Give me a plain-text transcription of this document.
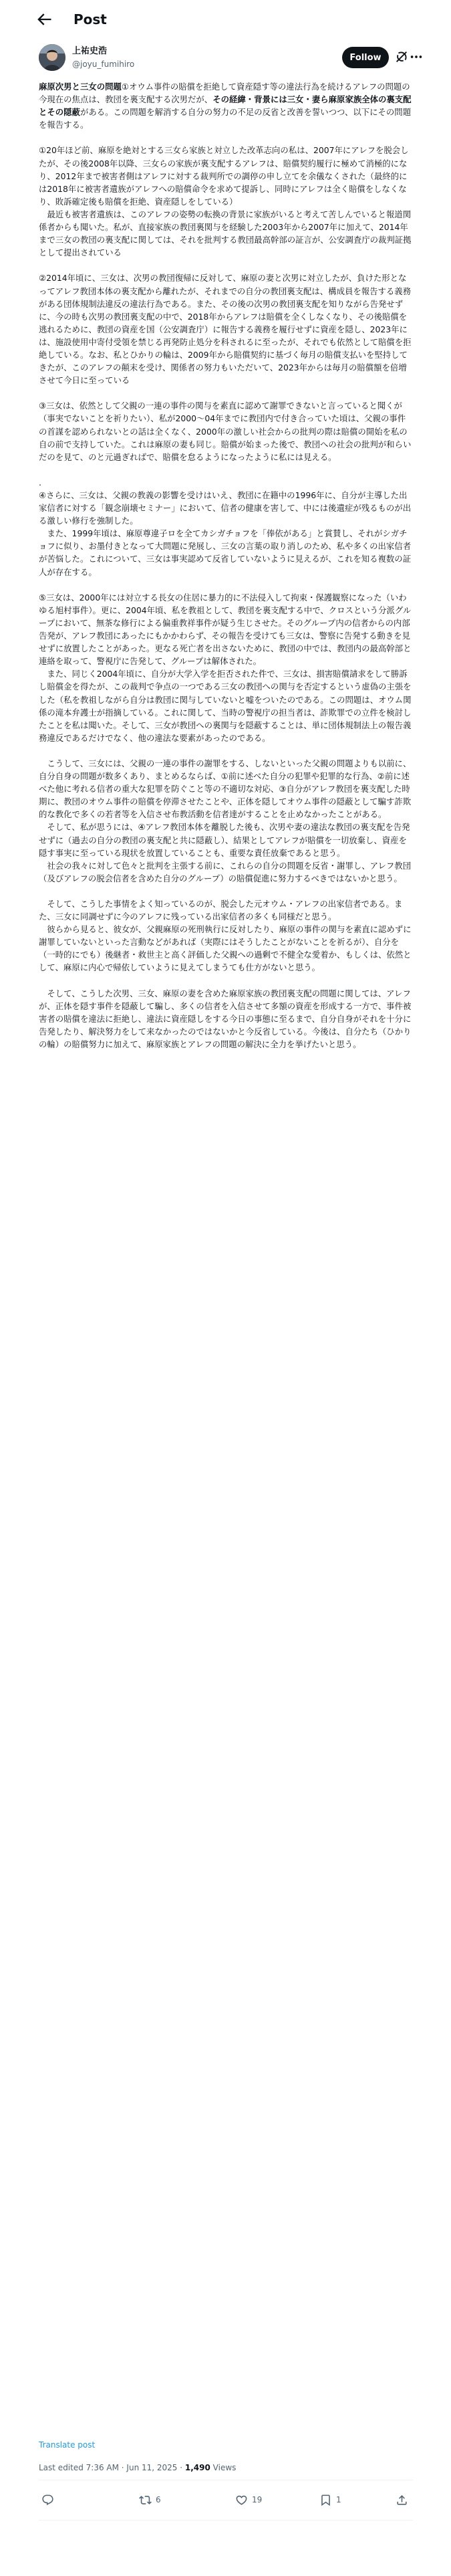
Post
上祐史浩
@joyu_fumihiro
Follow

麻原次男と三女の問題①オウム事件の賠償を拒絶して資産隠す等の違法行為を続けるアレフの問題の今現在の焦点は、教団を裏支配する次男だが、その経緯・背景には三女・妻ら麻原家族全体の裏支配とその隠蔽がある。この問題を解消する自分の努力の不足の反省と改善を誓いつつ、以下にその問題を報告する。

①20年ほど前、麻原を絶対とする三女ら家族と対立した改革志向の私は、2007年にアレフを脱会したが、その後2008年以降、三女らの家族が裏支配するアレフは、賠償契約履行に極めて消極的になり、2012年まで被害者側はアレフに対する裁判所での調停の申し立てを余儀なくされた（最終的には2018年に被害者遺族がアレフへの賠償命令を求めて提訴し、同時にアレフは全く賠償をしなくなり、敗訴確定後も賠償を拒絶、資産隠しをしている）

　最近も被害者遺族は、このアレフの姿勢の転換の背景に家族がいると考えて苦しんでいると報道関係者からも聞いた。私が、直接家族の教団裏関与を経験した2003年から2007年に加えて、2014年まで三女の教団の裏支配に関しては、それを批判する教団最高幹部の証言が、公安調査庁の裁判証拠として提出されている

②2014年頃に、三女は、次男の教団復帰に反対して、麻原の妻と次男に対立したが、負けた形となってアレフ教団本体の裏支配から離れたが、それまでの自分の教団裏支配は、構成員を報告する義務がある団体規制法違反の違法行為である。また、その後の次男の教団裏支配を知りながら告発せずに、今の時も次男の教団裏支配の中で、2018年からアレフは賠償を全くしなくなり、その後賠償を逃れるために、教団の資産を国（公安調査庁）に報告する義務を履行せずに資産を隠し、2023年には、施設使用中寄付受領を禁じる再発防止処分を科されるに至ったが、それでも依然として賠償を拒絶している。なお、私とひかりの輪は、2009年から賠償契約に基づく毎月の賠償支払いを堅持してきたが、このアレフの顛末を受け、関係者の努力もいただいて、2023年からは毎月の賠償額を倍増させて今日に至っている

③三女は、依然として父親の一連の事件の関与を素直に認めて謝罪できないと言っていると聞くが（事実でないことを祈りたい）、私が2000〜04年までに教団内で付き合っていた頃は、父親の事件の首謀を認められないとの話は全くなく、2000年の激しい社会からの批判の際は賠償の開始を私の自の前で支持していた。これは麻原の妻も同じ。賠償が始まった後で、教団への社会の批判が和らいだのを見て、のと元過ぎればで、賠償を怠るようになったように私には見える。

.

④さらに、三女は、父親の教義の影響を受けはいえ、教団に在籍中の1996年に、自分が主導した出家信者に対する「観念崩壊セミナー」において、信者の健康を害して、中には後遺症が残るものが出る激しい修行を強制した。

　また、1999年頃は、麻原尊違子ロを全てカシガチョフを「俸依がある」と賞賛し、それがシガチョフに似り、お墨付きとなって大問題に発展し、三女の言葉の取り消しのため、私や多くの出家信者が苦悩した。これについて、三女は事実認めて反省していないように見えるが、これを知る複数の証人が存在する。

⑤三女は、2000年には対立する長女の住居に暴力的に不法侵入して拘束・保護観察になった（いわゆる旭村事件）。更に、2004年頃、私を教祖として、教団を裏支配する中で、クロスという分派グループにおいて、無茶な修行による偏重教祥事件が疑う生じさせた。そのグループ内の信者からの内部告発が、アレフ教団にあったにもかかわらず、その報告を受けても三女は、警察に告発する動きを見せずに放置したことがあった。更なる死亡者を出さないために、教団の中では、教団内の最高幹部と連絡を取って、警視庁に告発して、グループは解体された。

　また、同じく2004年頃に、自分が大学入学を拒否された件で、三女は、損害賠償請求をして勝訴し賠償金を得たが、この裁判で争点の一つである三女の教団への関与を否定するという虚偽の主張をした（私を教祖しながら自分は教団に関与していないと嘘をついたのである。この問題は、オウム関係の滝本弁護士が指摘している。これに関して、当時の警視庁の担当者は、詐欺罪での立件を検討したことを私は聞いた。そして、三女が教団への裏関与を隠蔽することは、単に団体規制法上の報告義務違反であるだけでなく、他の違法な要素があったのである。

　こうして、三女には、父親の一連の事件の謝罪をする、しないといった父親の問題よりも以前に、自分自身の問題が数多くあり、まとめるならば、①前に述べた自分の犯罪や犯罪的な行為、②前に述べた他に考れる信者の重大な犯罪を防ぐこと等の不適切な対応、③自分がアレフ教団を裏支配した時期に、教団のオウム事件の賠償を停滞させたことや、正体を隠してオウム事件の隠蔽として騙す詐欺的な教化で多くの若者等を入信させ布教活動を信者達がすることを止めなかったことがある。

　そして、私が思うには、④アレフ教団本体を離脱した後も、次男や妻の違法な教団の裏支配を告発せずに（過去の自分の教団の裏支配と共に隠蔽し）、結果としてアレフが賠償を一切放棄し、資産を隠す事実に至っている現状を放置していることも、重要な責任放棄であると思う。

　社会の我々に対して色々と批判を主張する前に、これらの自分の問題を反省・謝罪し、アレフ教団（及びアレフの脱会信者を含めた自分のグループ）の賠償促進に努力するべきではないかと思う。

　そして、こうした事情をよく知っているのが、脱会した元オウム・アレフの出家信者である。また、三女に同調せずに今のアレフに残っている出家信者の多くも同様だと思う。

　彼らから見ると、彼女が、父親麻原の死刑執行に反対したり、麻原の事件の関与を素直に認めずに謝罪していないといった言動などがあれば（実際にはそうしたことがないことを祈るが）、自分を（一時的にでも）後継者・救世主と高く評価した父親への過剰で不健全な愛着か、もしくは、依然として、麻原に内心で帰依していように見えてしまうても仕方がないと思う。

　そして、こうした次男、三女、麻原の妻を含めた麻原家族の教団裏支配の問題に関しては、アレフが、正体を隠す事件を隠蔽して騙し、多くの信者を入信させて多額の資産を形成する一方で、事件被害者の賠償を違法に拒絶し、違法に資産隠しをする今日の事態に至るまで、自分自身がそれを十分に告発したり、解決努力をして来なかったのではないかと今反省している。今後は、自分たち（ひかりの輪）の賠償努力に加えて、麻原家族とアレフの問題の解決に全力を挙げたいと思う。

Translate post
Last edited 7:36 AM · Jun 11, 2025 · 1,490 Views
6	19	1
